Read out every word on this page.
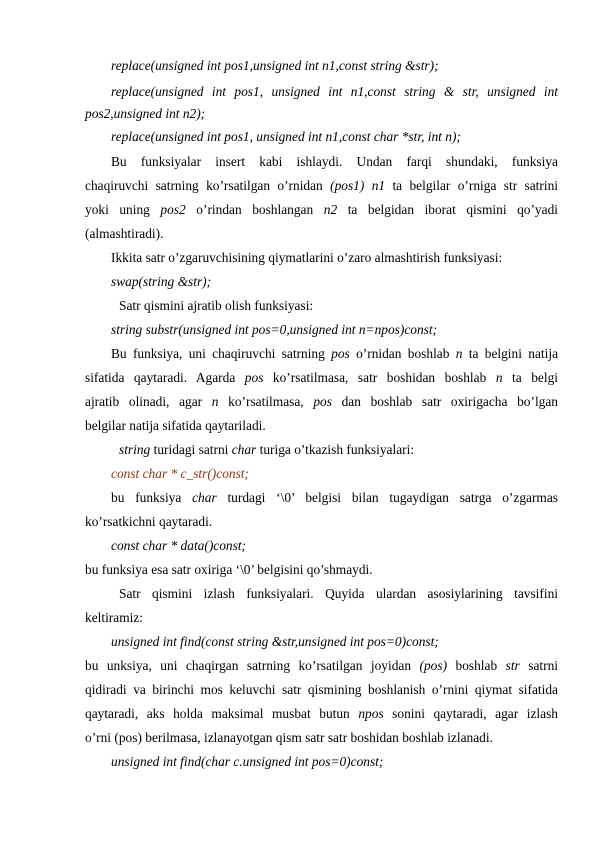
replace(unsigned int pos1,unsigned int n1,const string &str);
replace(unsigned int pos1, unsigned int n1,const string & str, unsigned int
pos2,unsigned int n2);
replace(unsigned int pos1, unsigned int n1,const char *str, int n);
Bu funksiyalar insert kabi ishlaydi. Undan farqi shundaki, funksiya
chaqiruvchi satrning ko’rsatilgan o’rnidan (pos1) n1 ta belgilar o’rniga str satrini
yoki uning pos2 o’rindan boshlangan n2 ta belgidan iborat qismini qo’yadi
(almashtiradi).
Ikkita satr o’zgaruvchisining qiymatlarini o’zaro almashtirish funksiyasi:
swap(string &str);
Satr qismini ajratib olish funksiyasi:
string substr(unsigned int pos=0,unsigned int n=npos)const;
Bu funksiya, uni chaqiruvchi satrning pos o’rnidan boshlab n ta belgini natija
sifatida qaytaradi. Agarda pos ko’rsatilmasa, satr boshidan boshlab n ta belgi
ajratib olinadi, agar n ko’rsatilmasa, pos dan boshlab satr oxirigacha bo’lgan
belgilar natija sifatida qaytariladi.
string turidagi satrni char turiga o’tkazish funksiyalari:
const char * c_str()const;
bu funksiya char turdagi ‘\0’ belgisi bilan tugaydigan satrga o’zgarmas
ko’rsatkichni qaytaradi.
const char * data()const;
bu funksiya esa satr oxiriga ‘\0’ belgisini qo’shmaydi.
Satr qismini izlash funksiyalari. Quyida ulardan asosiylarining tavsifini
keltiramiz:
unsigned int find(const string &str,unsigned int pos=0)const;
bu unksiya, uni chaqirgan satrning ko’rsatilgan joyidan (pos) boshlab str satrni
qidiradi va birinchi mos keluvchi satr qismining boshlanish o’rnini qiymat sifatida
qaytaradi, aks holda maksimal musbat butun npos sonini qaytaradi, agar izlash
o’rni (pos) berilmasa, izlanayotgan qism satr satr boshidan boshlab izlanadi.
unsigned int find(char c.unsigned int pos=0)const;
